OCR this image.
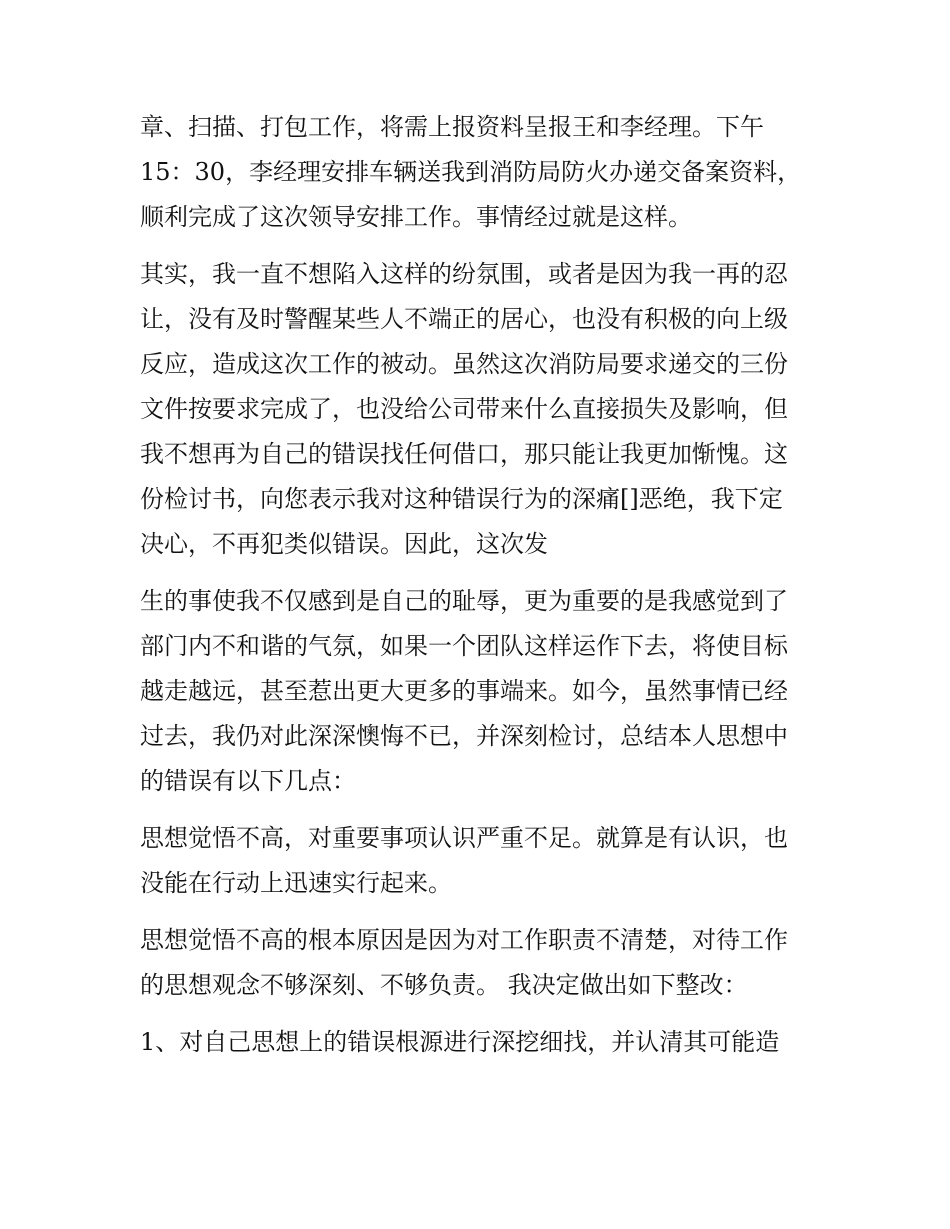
章、扫描、打包工作，将需上报资料呈报王和李经理。下午

15：30，李经理安排车辆送我到消防局防火办递交备案资料，

顺利完成了这次领导安排工作。事情经过就是这样。

其实，我一直不想陷入这样的纷氛围，或者是因为我一再的忍

让，没有及时警醒某些人不端正的居心，也没有积极的向上级

反应，造成这次工作的被动。虽然这次消防局要求递交的三份

文件按要求完成了，也没给公司带来什么直接损失及影响，但

我不想再为自己的错误找任何借口，那只能让我更加惭愧。这

份检讨书，向您表示我对这种错误行为的深痛[]恶绝，我下定

决心，不再犯类似错误。因此，这次发

生的事使我不仅感到是自己的耻辱，更为重要的是我感觉到了

部门内不和谐的气氛，如果一个团队这样运作下去，将使目标

越走越远，甚至惹出更大更多的事端来。如今，虽然事情已经

过去，我仍对此深深懊悔不已，并深刻检讨，总结本人思想中

的错误有以下几点：

思想觉悟不高，对重要事项认识严重不足。就算是有认识，也

没能在行动上迅速实行起来。

思想觉悟不高的根本原因是因为对工作职责不清楚，对待工作

的思想观念不够深刻、不够负责。 我决定做出如下整改：

1、对自己思想上的错误根源进行深挖细找，并认清其可能造
